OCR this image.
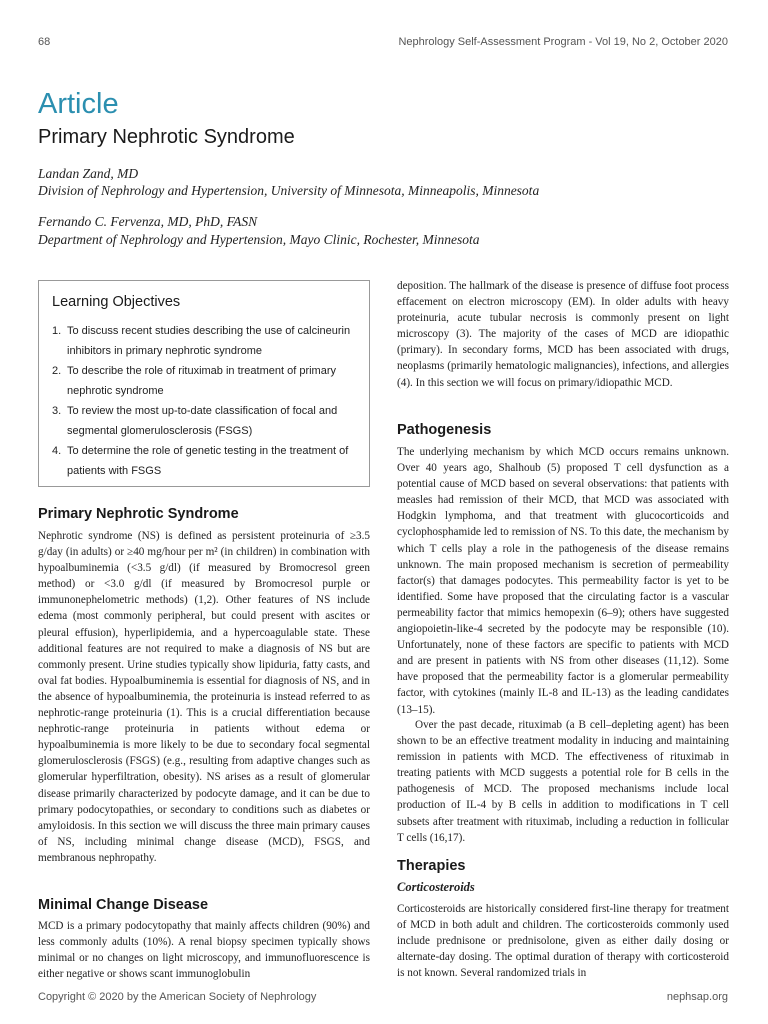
68	Nephrology Self-Assessment Program - Vol 19, No 2, October 2020
Article
Primary Nephrotic Syndrome
Landan Zand, MD
Division of Nephrology and Hypertension, University of Minnesota, Minneapolis, Minnesota
Fernando C. Fervenza, MD, PhD, FASN
Department of Nephrology and Hypertension, Mayo Clinic, Rochester, Minnesota
Learning Objectives
1. To discuss recent studies describing the use of calcineurin inhibitors in primary nephrotic syndrome
2. To describe the role of rituximab in treatment of primary nephrotic syndrome
3. To review the most up-to-date classification of focal and segmental glomerulosclerosis (FSGS)
4. To determine the role of genetic testing in the treatment of patients with FSGS
Primary Nephrotic Syndrome

Nephrotic syndrome (NS) is defined as persistent proteinuria of ≥3.5 g/day (in adults) or ≥40 mg/hour per m² (in children) in combination with hypoalbuminemia (<3.5 g/dl) (if measured by Bromocresol green method) or <3.0 g/dl (if measured by Bromocresol purple or immunonephelometric methods) (1,2). Other features of NS include edema (most commonly peripheral, but could present with ascites or pleural effusion), hyperlipidemia, and a hypercoagulable state. These additional features are not required to make a diagnosis of NS but are commonly present. Urine studies typically show lipiduria, fatty casts, and oval fat bodies. Hypoalbuminemia is essential for diagnosis of NS, and in the absence of hypoalbuminemia, the proteinuria is instead referred to as nephrotic-range proteinuria (1). This is a crucial differentiation because nephrotic-range proteinuria in patients without edema or hypoalbuminemia is more likely to be due to secondary focal segmental glomerulosclerosis (FSGS) (e.g., resulting from adaptive changes such as glomerular hyperfiltration, obesity). NS arises as a result of glomerular disease primarily characterized by podocyte damage, and it can be due to primary podocytopathies, or secondary to conditions such as diabetes or amyloidosis. In this section we will discuss the three main primary causes of NS, including minimal change disease (MCD), FSGS, and membranous nephropathy.

Minimal Change Disease

MCD is a primary podocytopathy that mainly affects children (90%) and less commonly adults (10%). A renal biopsy specimen typically shows minimal or no changes on light microscopy, and immunofluorescence is either negative or shows scant immunoglobulin

deposition. The hallmark of the disease is presence of diffuse foot process effacement on electron microscopy (EM). In older adults with heavy proteinuria, acute tubular necrosis is commonly present on light microscopy (3). The majority of the cases of MCD are idiopathic (primary). In secondary forms, MCD has been associated with drugs, neoplasms (primarily hematologic malignancies), infections, and allergies (4). In this section we will focus on primary/idiopathic MCD.

Pathogenesis

The underlying mechanism by which MCD occurs remains unknown. Over 40 years ago, Shalhoub (5) proposed T cell dysfunction as a potential cause of MCD based on several observations: that patients with measles had remission of their MCD, that MCD was associated with Hodgkin lymphoma, and that treatment with glucocorticoids and cyclophosphamide led to remission of NS. To this date, the mechanism by which T cells play a role in the pathogenesis of the disease remains unknown. The main proposed mechanism is secretion of permeability factor(s) that damages podocytes. This permeability factor is yet to be identified. Some have proposed that the circulating factor is a vascular permeability factor that mimics hemopexin (6–9); others have suggested angiopoietin-like-4 secreted by the podocyte may be responsible (10). Unfortunately, none of these factors are specific to patients with MCD and are present in patients with NS from other diseases (11,12). Some have proposed that the permeability factor is a glomerular permeability factor, with cytokines (mainly IL-8 and IL-13) as the leading candidates (13–15).

Over the past decade, rituximab (a B cell–depleting agent) has been shown to be an effective treatment modality in inducing and maintaining remission in patients with MCD. The effectiveness of rituximab in treating patients with MCD suggests a potential role for B cells in the pathogenesis of MCD. The proposed mechanisms include local production of IL-4 by B cells in addition to modifications in T cell subsets after treatment with rituximab, including a reduction in follicular T cells (16,17).

Therapies
Corticosteroids

Corticosteroids are historically considered first-line therapy for treatment of MCD in both adult and children. The corticosteroids commonly used include prednisone or prednisolone, given as either daily dosing or alternate-day dosing. The optimal duration of therapy with corticosteroid is not known. Several randomized trials in

Copyright © 2020 by the American Society of Nephrology	nephsap.org
